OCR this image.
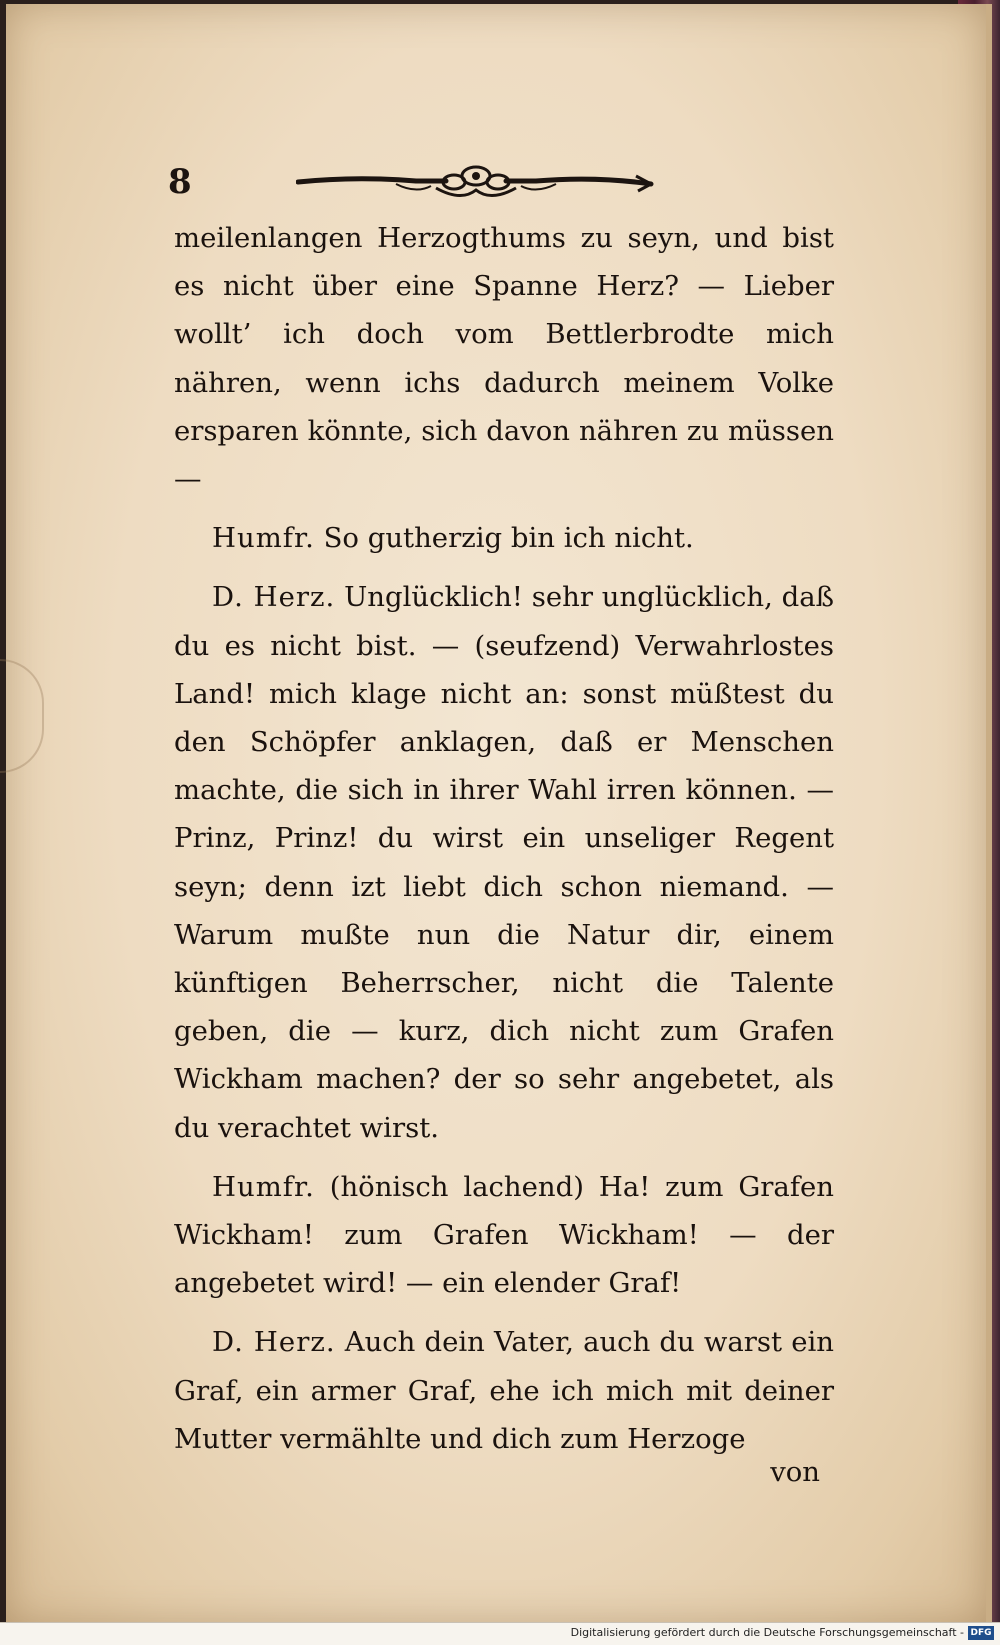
8

meilenlangen Herzogthums zu seyn, und bist es nicht über eine Spanne Herz? — Lieber wollt’ ich doch vom Bettlerbrodte mich nähren, wenn ichs dadurch meinem Volke ersparen könnte, sich davon nähren zu müssen —

Humfr. So gutherzig bin ich nicht.

D. Herz. Unglücklich! sehr unglücklich, daß du es nicht bist. — (seufzend) Verwahrlostes Land! mich klage nicht an: sonst müßtest du den Schöpfer anklagen, daß er Menschen machte, die sich in ihrer Wahl irren können. — Prinz, Prinz! du wirst ein unseliger Regent seyn; denn izt liebt dich schon niemand. — Warum mußte nun die Natur dir, einem künftigen Beherrscher, nicht die Talente geben, die — kurz, dich nicht zum Grafen Wickham machen? der so sehr angebetet, als du verachtet wirst.

Humfr. (hönisch lachend) Ha! zum Grafen Wickham! zum Grafen Wickham! — der angebetet wird! — ein elender Graf!

D. Herz. Auch dein Vater, auch du warst ein Graf, ein armer Graf, ehe ich mich mit deiner Mutter vermählte und dich zum Herzoge

von
Digitalisierung gefördert durch die Deutsche Forschungsgemeinschaft - DFG
